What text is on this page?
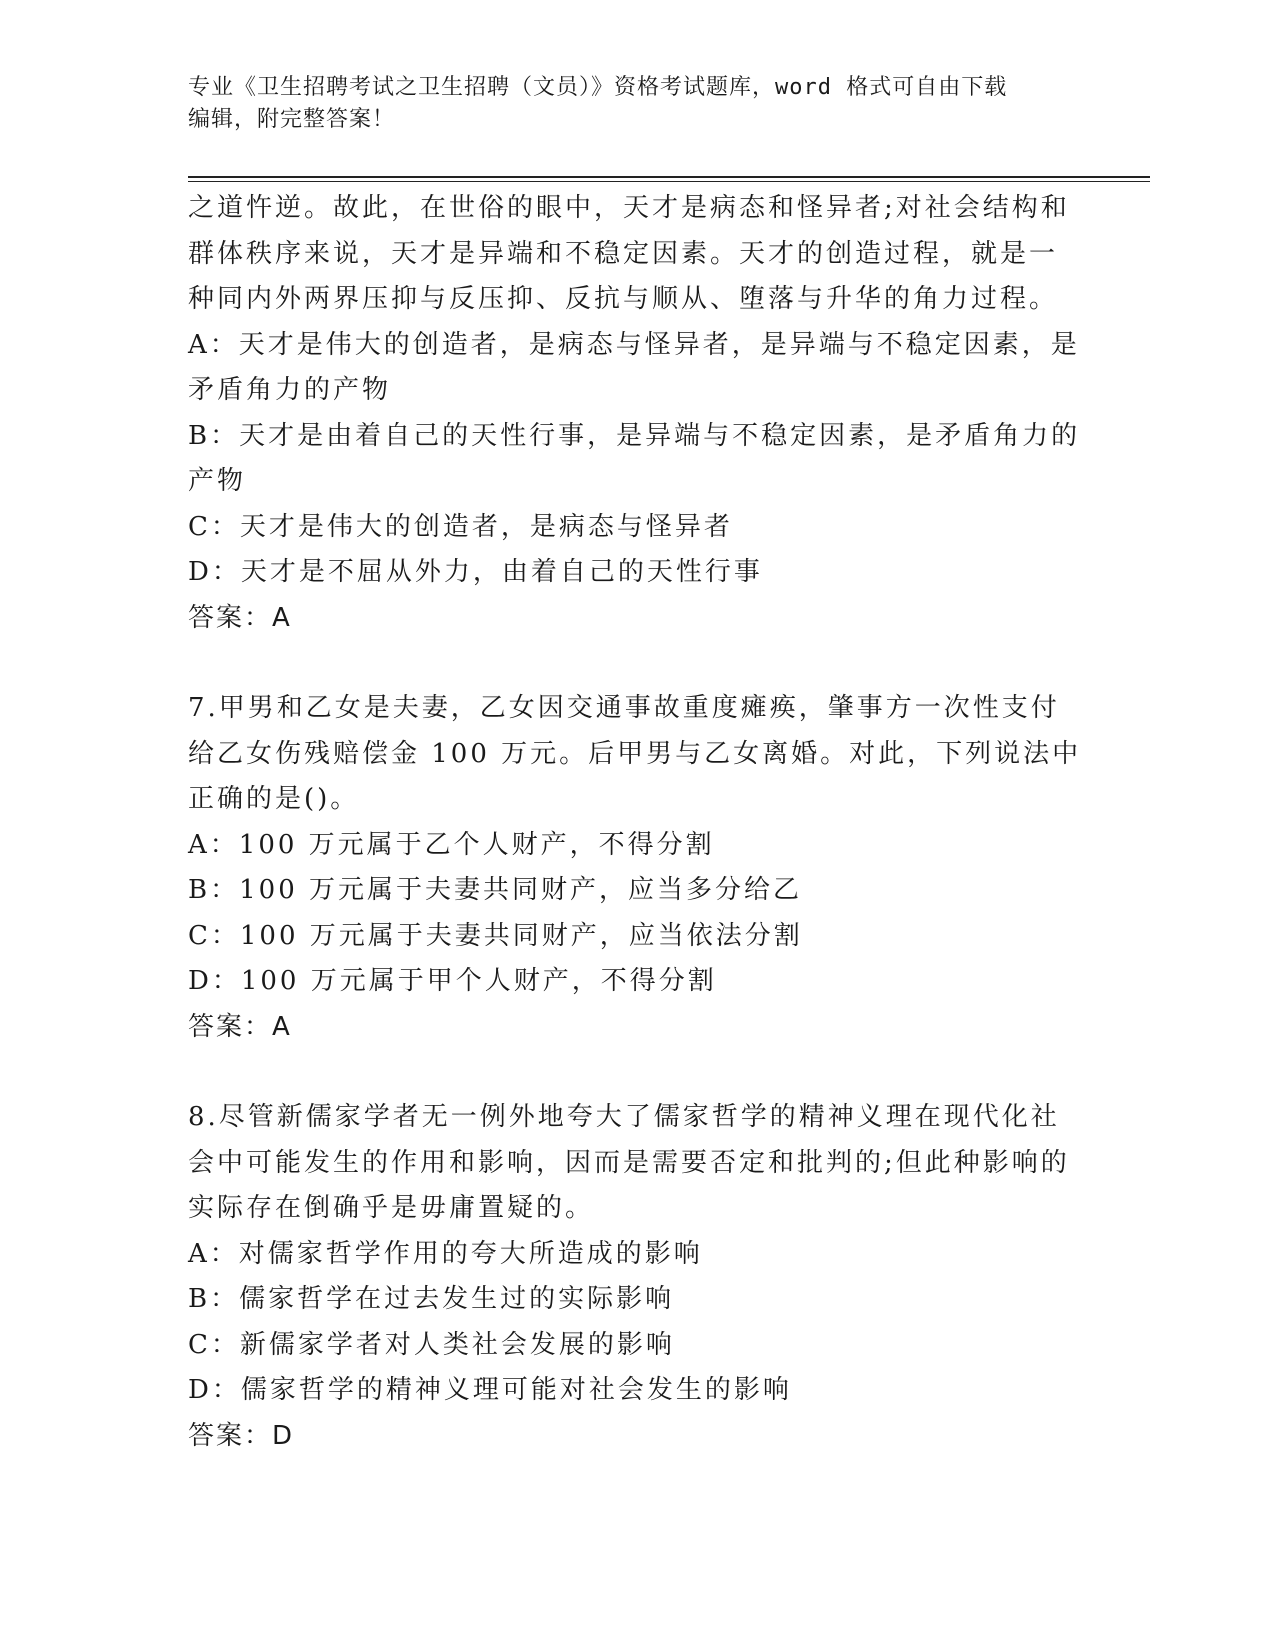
专业《卫生招聘考试之卫生招聘（文员）》资格考试题库，word 格式可自由下载
编辑，附完整答案！
之道忤逆。故此，在世俗的眼中，天才是病态和怪异者;对社会结构和
群体秩序来说，天才是异端和不稳定因素。天才的创造过程，就是一
种同内外两界压抑与反压抑、反抗与顺从、堕落与升华的角力过程。
A：天才是伟大的创造者，是病态与怪异者，是异端与不稳定因素，是
矛盾角力的产物
B：天才是由着自己的天性行事，是异端与不稳定因素，是矛盾角力的
产物
C：天才是伟大的创造者，是病态与怪异者
D：天才是不屈从外力，由着自己的天性行事
答案：A
7.甲男和乙女是夫妻，乙女因交通事故重度瘫痪，肇事方一次性支付
给乙女伤残赔偿金 100 万元。后甲男与乙女离婚。对此，下列说法中
正确的是()。
A：100 万元属于乙个人财产，不得分割
B：100 万元属于夫妻共同财产，应当多分给乙
C：100 万元属于夫妻共同财产，应当依法分割
D：100 万元属于甲个人财产，不得分割
答案：A
8.尽管新儒家学者无一例外地夸大了儒家哲学的精神义理在现代化社
会中可能发生的作用和影响，因而是需要否定和批判的;但此种影响的
实际存在倒确乎是毋庸置疑的。
A：对儒家哲学作用的夸大所造成的影响
B：儒家哲学在过去发生过的实际影响
C：新儒家学者对人类社会发展的影响
D：儒家哲学的精神义理可能对社会发生的影响
答案：D
